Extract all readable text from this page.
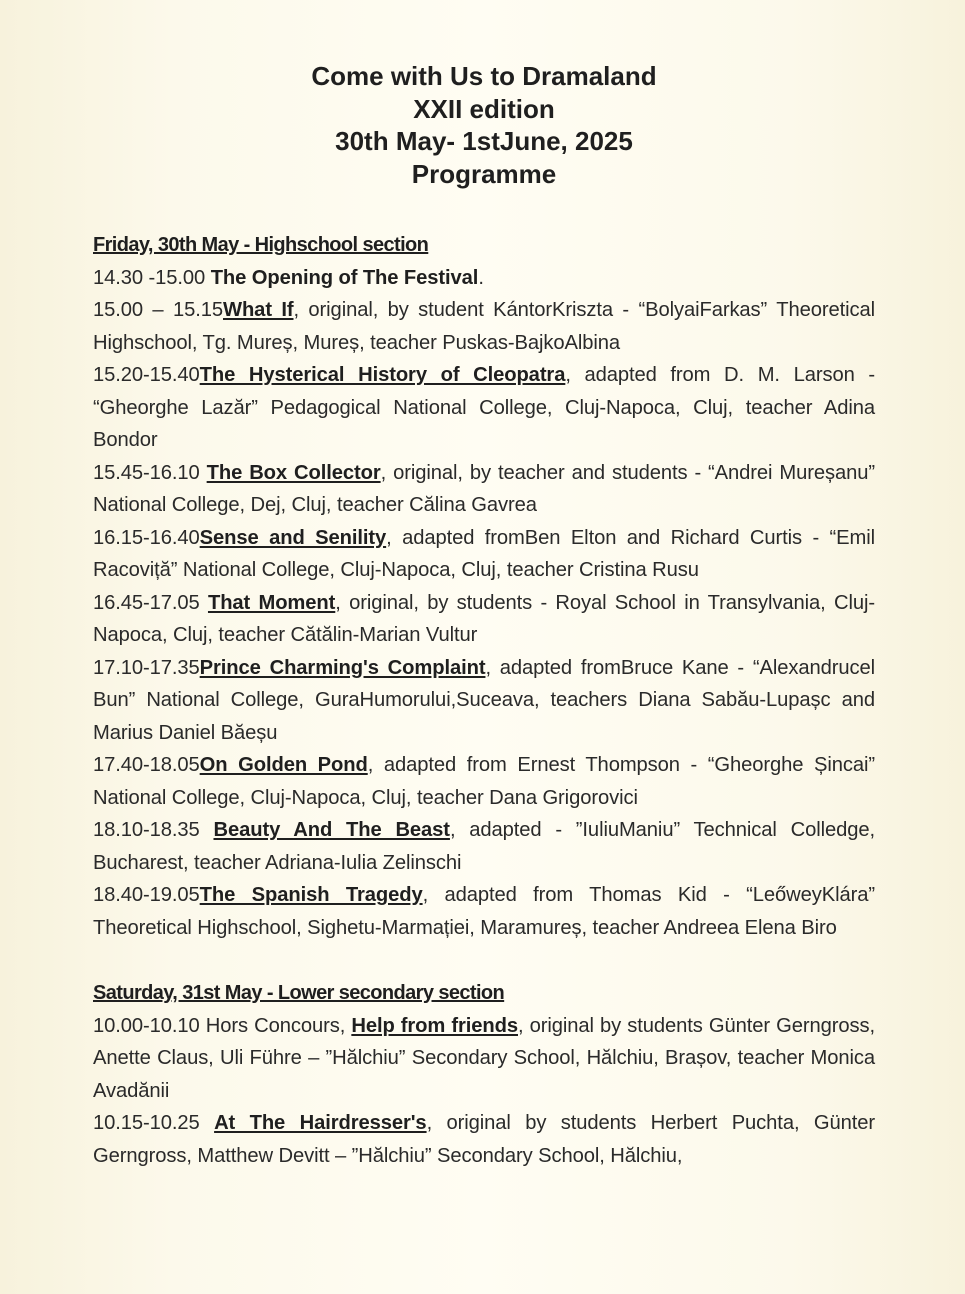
Come with Us to Dramaland
XXII edition
30th May- 1stJune, 2025
Programme
Friday, 30th May - Highschool section
14.30 -15.00 The Opening of The Festival.
15.00 – 15.15What If, original, by student KántorKriszta - “BolyaiFarkas” Theoretical Highschool, Tg. Mureș, Mureș, teacher Puskas-BajkoAlbina
15.20-15.40The Hysterical History of Cleopatra, adapted from D. M. Larson - “Gheorghe Lazăr” Pedagogical National College, Cluj-Napoca, Cluj, teacher Adina Bondor
15.45-16.10 The Box Collector, original, by teacher and students - “Andrei Mureșanu” National College, Dej, Cluj, teacher Călina Gavrea
16.15-16.40Sense and Senility, adapted fromBen Elton and Richard Curtis - “Emil Racoviță” National College, Cluj-Napoca, Cluj, teacher Cristina Rusu
16.45-17.05 That Moment, original, by students - Royal School in Transylvania, Cluj-Napoca, Cluj, teacher Cătălin-Marian Vultur
17.10-17.35Prince Charming's Complaint, adapted fromBruce Kane - “Alexandrucel Bun” National College, GuraHumorului,Suceava, teachers Diana Sabău-Lupașc and Marius Daniel Băeșu
17.40-18.05On Golden Pond, adapted from Ernest Thompson - “Gheorghe Șincai” National College, Cluj-Napoca, Cluj, teacher Dana Grigorovici
18.10-18.35 Beauty And The Beast, adapted - ”IuliuManiu” Technical Colledge, Bucharest, teacher Adriana-Iulia Zelinschi
18.40-19.05The Spanish Tragedy, adapted from Thomas Kid - “LeőweyKlára” Theoretical Highschool, Sighetu-Marmației, Maramureș, teacher Andreea Elena Biro
Saturday, 31st May - Lower secondary section
10.00-10.10 Hors Concours, Help from friends, original by students Günter Gerngross, Anette Claus, Uli Führe – ”Hălchiu” Secondary School, Hălchiu, Brașov, teacher Monica Avadănii
10.15-10.25 At The Hairdresser's, original by students Herbert Puchta, Günter Gerngross, Matthew Devitt – ”Hălchiu” Secondary School, Hălchiu,
